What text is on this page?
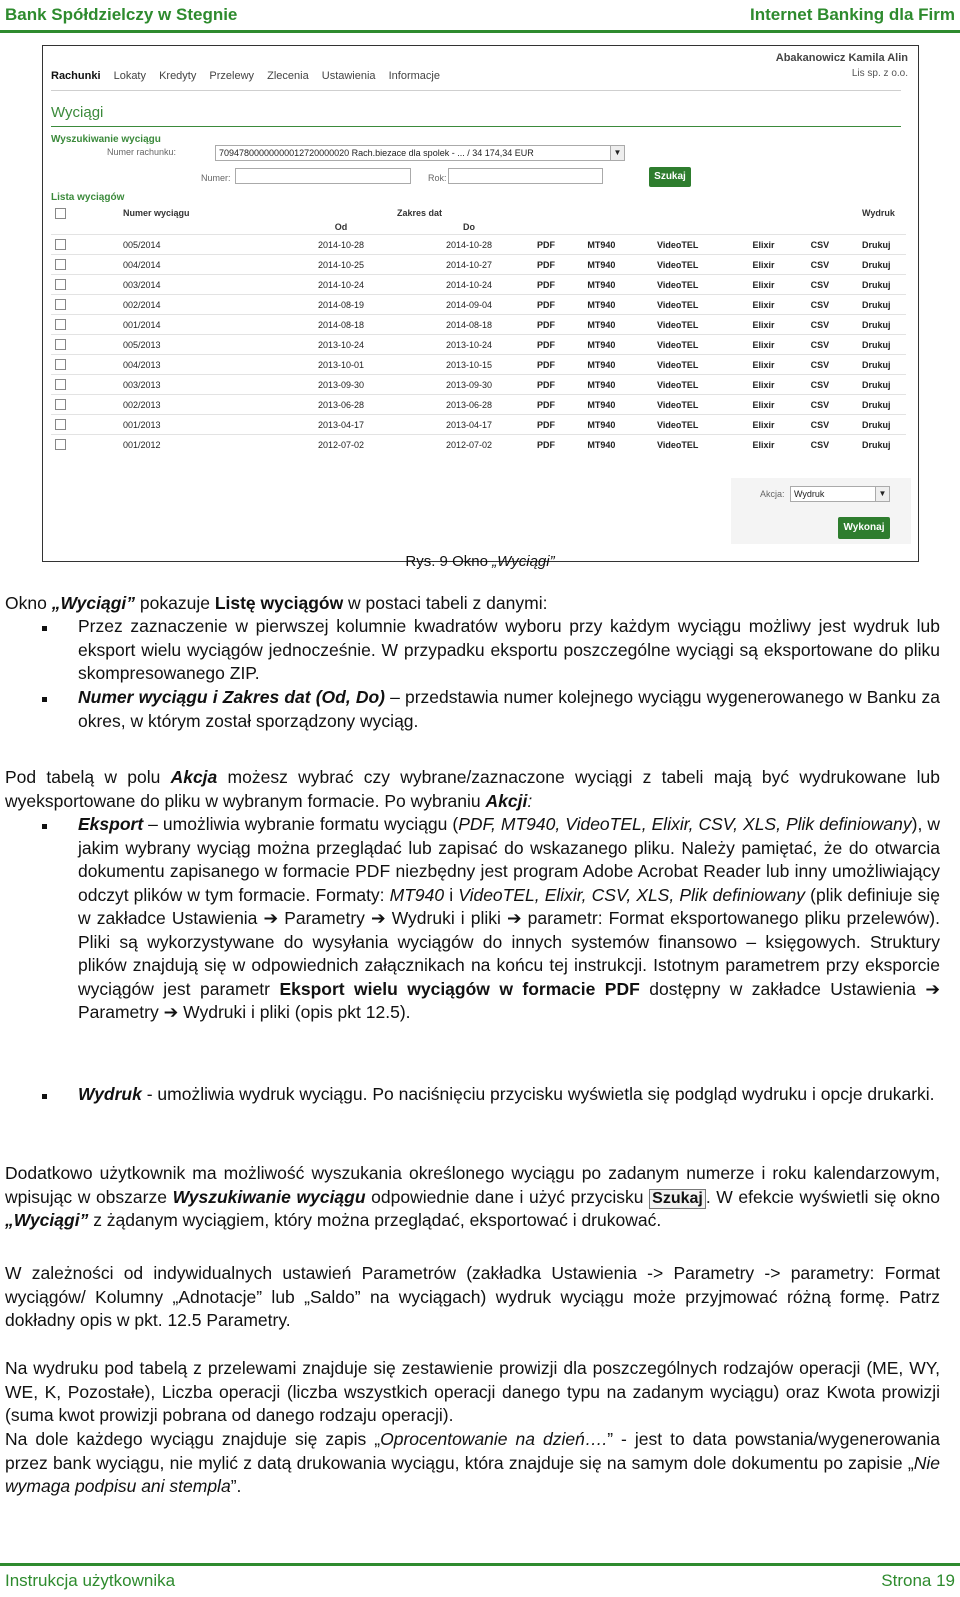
Bank Spółdzielczy w Stegnie	Internet Banking dla Firm
Abakanowicz Kamila Alin
Lis sp. z o.o.
Rachunki Lokaty Kredyty Przelewy Zlecenia Ustawienia Informacje
Wyciągi
Wyszukiwanie wyciągu
Numer rachunku:	70947800000000012720000020 Rach.biezace dla spolek - ... / 34 174,34 EUR	▼
Numer:	Rok:	Szukaj
Lista wyciągów
	Numer wyciągu	Zakres dat							Wydruk
		Od	Do						
	005/2014	2014-10-28	2014-10-28	PDF	MT940	VideoTEL	Elixir	CSV	Drukuj
	004/2014	2014-10-25	2014-10-27	PDF	MT940	VideoTEL	Elixir	CSV	Drukuj
	003/2014	2014-10-24	2014-10-24	PDF	MT940	VideoTEL	Elixir	CSV	Drukuj
	002/2014	2014-08-19	2014-09-04	PDF	MT940	VideoTEL	Elixir	CSV	Drukuj
	001/2014	2014-08-18	2014-08-18	PDF	MT940	VideoTEL	Elixir	CSV	Drukuj
	005/2013	2013-10-24	2013-10-24	PDF	MT940	VideoTEL	Elixir	CSV	Drukuj
	004/2013	2013-10-01	2013-10-15	PDF	MT940	VideoTEL	Elixir	CSV	Drukuj
	003/2013	2013-09-30	2013-09-30	PDF	MT940	VideoTEL	Elixir	CSV	Drukuj
	002/2013	2013-06-28	2013-06-28	PDF	MT940	VideoTEL	Elixir	CSV	Drukuj
	001/2013	2013-04-17	2013-04-17	PDF	MT940	VideoTEL	Elixir	CSV	Drukuj
	001/2012	2012-07-02	2012-07-02	PDF	MT940	VideoTEL	Elixir	CSV	Drukuj
Akcja:	Wydruk	▼
Wykonaj
Rys. 9 Okno „Wyciągi”
Okno „Wyciągi” pokazuje Listę wyciągów w postaci tabeli z danymi:
Przez zaznaczenie w pierwszej kolumnie kwadratów wyboru przy każdym wyciągu możliwy jest wydruk lub eksport wielu wyciągów jednocześnie. W przypadku eksportu poszczególne wyciągi są eksportowane do pliku skompresowanego ZIP.
Numer wyciągu i Zakres dat (Od, Do) – przedstawia numer kolejnego wyciągu wygenerowanego w Banku za okres, w którym został sporządzony wyciąg.
Pod tabelą w polu Akcja możesz wybrać czy wybrane/zaznaczone wyciągi z tabeli mają być wydrukowane lub wyeksportowane do pliku w wybranym formacie. Po wybraniu Akcji:
Eksport – umożliwia wybranie formatu wyciągu (PDF, MT940, VideoTEL, Elixir, CSV, XLS, Plik definiowany), w jakim wybrany wyciąg można przeglądać lub zapisać do wskazanego pliku. Należy pamiętać, że do otwarcia dokumentu zapisanego w formacie PDF niezbędny jest program Adobe Acrobat Reader lub inny umożliwiający odczyt plików w tym formacie. Formaty: MT940 i VideoTEL, Elixir, CSV, XLS, Plik definiowany (plik definiuje się w zakładce Ustawienia ➔ Parametry ➔ Wydruki i pliki ➔ parametr: Format eksportowanego pliku przelewów). Pliki są wykorzystywane do wysyłania wyciągów do innych systemów finansowo – księgowych. Struktury plików znajdują się w odpowiednich załącznikach na końcu tej instrukcji. Istotnym parametrem przy eksporcie wyciągów jest parametr Eksport wielu wyciągów w formacie PDF dostępny w zakładce Ustawienia ➔ Parametry ➔ Wydruki i pliki (opis pkt 12.5).
Wydruk - umożliwia wydruk wyciągu. Po naciśnięciu przycisku wyświetla się podgląd wydruku i opcje drukarki.
Dodatkowo użytkownik ma możliwość wyszukania określonego wyciągu po zadanym numerze i roku kalendarzowym, wpisując w obszarze Wyszukiwanie wyciągu odpowiednie dane i użyć przycisku Szukaj . W efekcie wyświetli się okno „Wyciągi” z żądanym wyciągiem, który można przeglądać, eksportować i drukować.
W zależności od indywidualnych ustawień Parametrów (zakładka Ustawienia -> Parametry -> parametry: Format wyciągów/ Kolumny „Adnotacje” lub „Saldo” na wyciągach) wydruk wyciągu może przyjmować różną formę. Patrz dokładny opis w pkt. 12.5 Parametry.
Na wydruku pod tabelą z przelewami znajduje się zestawienie prowizji dla poszczególnych rodzajów operacji (ME, WY, WE, K, Pozostałe), Liczba operacji (liczba wszystkich operacji danego typu na zadanym wyciągu) oraz Kwota prowizji (suma kwot prowizji pobrana od danego rodzaju operacji).
Na dole każdego wyciągu znajduje się zapis „Oprocentowanie na dzień….” - jest to data powstania/wygenerowania przez bank wyciągu, nie mylić z datą drukowania wyciągu, która znajduje się na samym dole dokumentu po zapisie „Nie wymaga podpisu ani stempla”.
Instrukcja użytkownika	Strona 19
